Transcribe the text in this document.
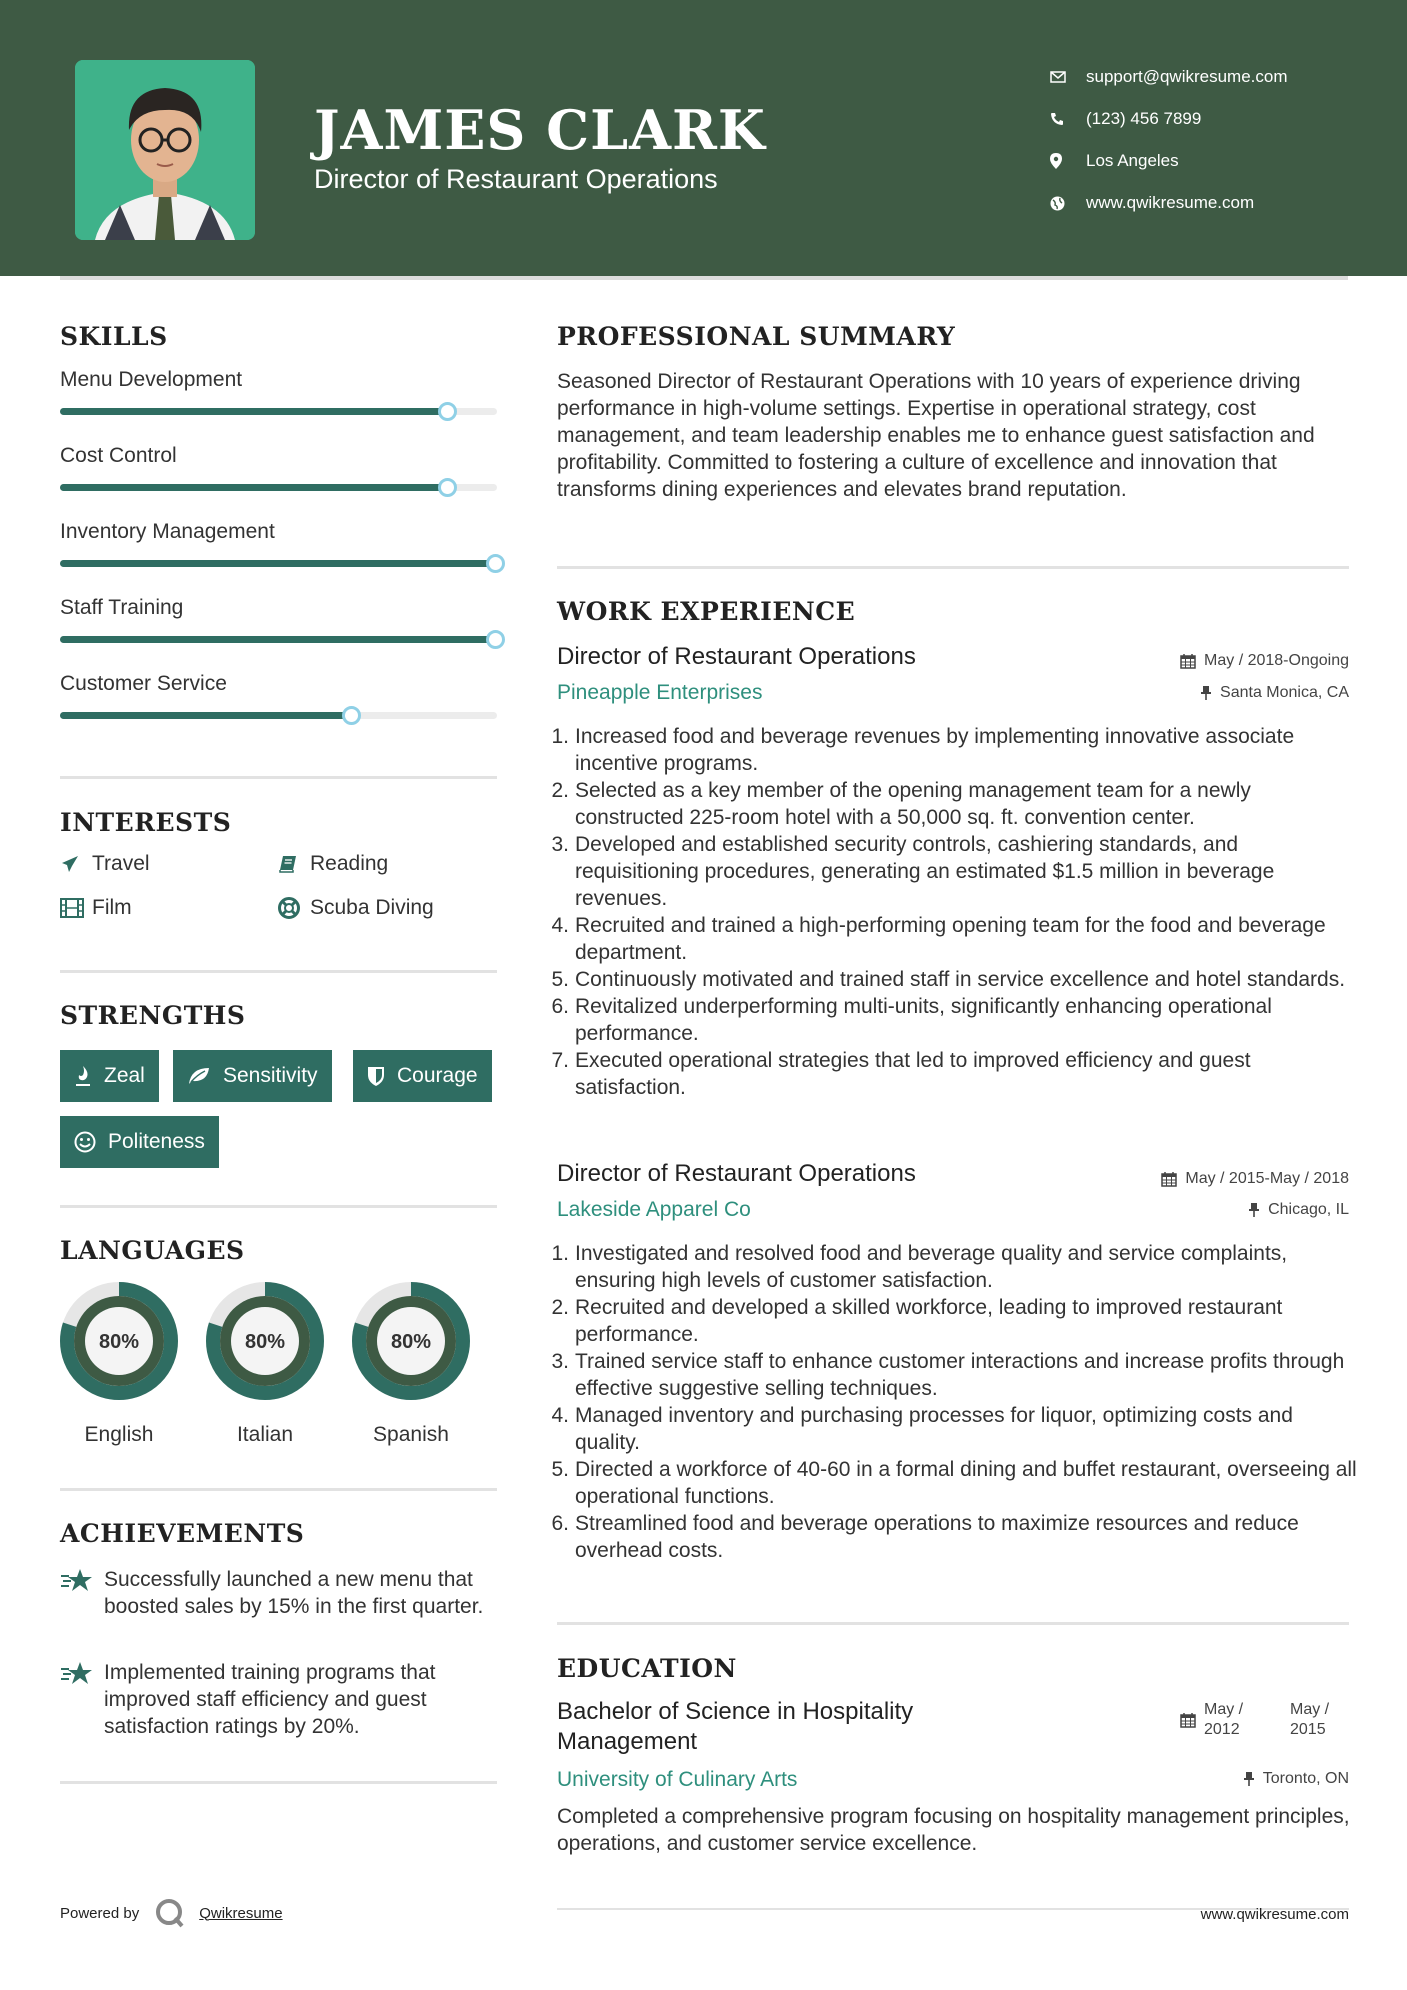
JAMES CLARK
Director of Restaurant Operations
support@qwikresume.com
(123) 456 7899
Los Angeles
www.qwikresume.com
SKILLS
Menu Development
Cost Control
Inventory Management
Staff Training
Customer Service
INTERESTS
Travel	Reading
Film	Scuba Diving
STRENGTHS
Zeal	Sensitivity	Courage
Politeness
LANGUAGES
80%
English
80%
Italian
80%
Spanish
ACHIEVEMENTS
Successfully launched a new menu that boosted sales by 15% in the first quarter.
Implemented training programs that improved staff efficiency and guest satisfaction ratings by 20%.
PROFESSIONAL SUMMARY
Seasoned Director of Restaurant Operations with 10 years of experience driving performance in high-volume settings. Expertise in operational strategy, cost management, and team leadership enables me to enhance guest satisfaction and profitability. Committed to fostering a culture of excellence and innovation that transforms dining experiences and elevates brand reputation.
WORK EXPERIENCE
Director of Restaurant Operations	May / 2018-Ongoing
Pineapple Enterprises	Santa Monica, CA
1. Increased food and beverage revenues by implementing innovative associate incentive programs.
2. Selected as a key member of the opening management team for a newly constructed 225-room hotel with a 50,000 sq. ft. convention center.
3. Developed and established security controls, cashiering standards, and requisitioning procedures, generating an estimated $1.5 million in beverage revenues.
4. Recruited and trained a high-performing opening team for the food and beverage department.
5. Continuously motivated and trained staff in service excellence and hotel standards.
6. Revitalized underperforming multi-units, significantly enhancing operational performance.
7. Executed operational strategies that led to improved efficiency and guest satisfaction.
Director of Restaurant Operations	May / 2015-May / 2018
Lakeside Apparel Co	Chicago, IL
1. Investigated and resolved food and beverage quality and service complaints, ensuring high levels of customer satisfaction.
2. Recruited and developed a skilled workforce, leading to improved restaurant performance.
3. Trained service staff to enhance customer interactions and increase profits through effective suggestive selling techniques.
4. Managed inventory and purchasing processes for liquor, optimizing costs and quality.
5. Directed a workforce of 40-60 in a formal dining and buffet restaurant, overseeing all operational functions.
6. Streamlined food and beverage operations to maximize resources and reduce overhead costs.
EDUCATION
Bachelor of Science in Hospitality Management
May / 2012
May / 2015
University of Culinary Arts	Toronto, ON
Completed a comprehensive program focusing on hospitality management principles, operations, and customer service excellence.
Powered by	Qwikresume	www.qwikresume.com
